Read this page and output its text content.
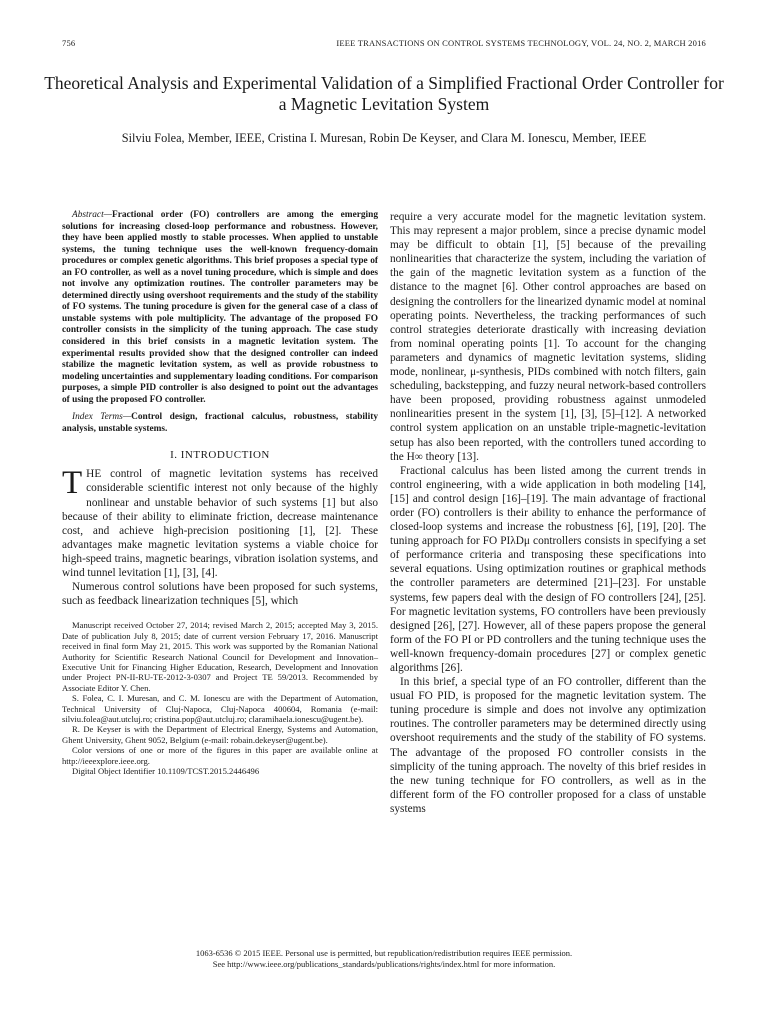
756	IEEE TRANSACTIONS ON CONTROL SYSTEMS TECHNOLOGY, VOL. 24, NO. 2, MARCH 2016
Theoretical Analysis and Experimental Validation of a Simplified Fractional Order Controller for a Magnetic Levitation System
Silviu Folea, Member, IEEE, Cristina I. Muresan, Robin De Keyser, and Clara M. Ionescu, Member, IEEE

Abstract—Fractional order (FO) controllers are among the emerging solutions for increasing closed-loop performance and robustness. However, they have been applied mostly to stable processes. When applied to unstable systems, the tuning technique uses the well-known frequency-domain procedures or complex genetic algorithms. This brief proposes a special type of an FO controller, as well as a novel tuning procedure, which is simple and does not involve any optimization routines. The controller parameters may be determined directly using overshoot requirements and the study of the stability of FO systems. The tuning procedure is given for the general case of a class of unstable systems with pole multiplicity. The advantage of the proposed FO controller consists in the simplicity of the tuning approach. The case study considered in this brief consists in a magnetic levitation system. The experimental results provided show that the designed controller can indeed stabilize the magnetic levitation system, as well as provide robustness to modeling uncertainties and supplementary loading conditions. For comparison purposes, a simple PID controller is also designed to point out the advantages of using the proposed FO controller.

Index Terms—Control design, fractional calculus, robustness, stability analysis, unstable systems.

I. INTRODUCTION

THE control of magnetic levitation systems has received considerable scientific interest not only because of the highly nonlinear and unstable behavior of such systems [1] but also because of their ability to eliminate friction, decrease maintenance cost, and achieve high-precision positioning [1], [2]. These advantages make magnetic levitation systems a viable choice for high-speed trains, magnetic bearings, vibration isolation systems, and wind tunnel levitation [1], [3], [4].

Numerous control solutions have been proposed for such systems, such as feedback linearization techniques [5], which

Manuscript received October 27, 2014; revised March 2, 2015; accepted May 3, 2015. Date of publication July 8, 2015; date of current version February 17, 2016. Manuscript received in final form May 21, 2015. This work was supported by the Romanian National Authority for Scientific Research National Council for Development and Innovation–Executive Unit for Financing Higher Education, Research, Development and Innovation under Project PN-II-RU-TE-2012-3-0307 and Project TE 59/2013. Recommended by Associate Editor Y. Chen.

S. Folea, C. I. Muresan, and C. M. Ionescu are with the Department of Automation, Technical University of Cluj-Napoca, Cluj-Napoca 400604, Romania (e-mail: silviu.folea@aut.utcluj.ro; cristina.pop@aut.utcluj.ro; claramihaela.ionescu@ugent.be).

R. De Keyser is with the Department of Electrical Energy, Systems and Automation, Ghent University, Ghent 9052, Belgium (e-mail: robain.dekeyser@ugent.be).

Color versions of one or more of the figures in this paper are available online at http://ieeexplore.ieee.org.

Digital Object Identifier 10.1109/TCST.2015.2446496

require a very accurate model for the magnetic levitation system. This may represent a major problem, since a precise dynamic model may be difficult to obtain [1], [5] because of the prevailing nonlinearities that characterize the system, including the variation of the gain of the magnetic levitation system as a function of the distance to the magnet [6]. Other control approaches are based on designing the controllers for the linearized dynamic model at nominal operating points. Nevertheless, the tracking performances of such control strategies deteriorate drastically with increasing deviation from nominal operating points [1]. To account for the changing parameters and dynamics of magnetic levitation systems, sliding mode, nonlinear, μ-synthesis, PIDs combined with notch filters, gain scheduling, backstepping, and fuzzy neural network-based controllers have been proposed, providing robustness against unmodeled nonlinearities present in the system [1], [3], [5]–[12]. A networked control system application on an unstable triple-magnetic-levitation setup has also been reported, with the controllers tuned according to the H∞ theory [13].

Fractional calculus has been listed among the current trends in control engineering, with a wide application in both modeling [14], [15] and control design [16]–[19]. The main advantage of fractional order (FO) controllers is their ability to enhance the performance of closed-loop systems and increase the robustness [6], [19], [20]. The tuning approach for FO PIλDμ controllers consists in specifying a set of performance criteria and transposing these specifications into several equations. Using optimization routines or graphical methods the controller parameters are determined [21]–[23]. For unstable systems, few papers deal with the design of FO controllers [24], [25]. For magnetic levitation systems, FO controllers have been previously designed [26], [27]. However, all of these papers propose the general form of the FO PI or PD controllers and the tuning technique uses the well-known frequency-domain procedures [27] or complex genetic algorithms [26].

In this brief, a special type of an FO controller, different than the usual FO PID, is proposed for the magnetic levitation system. The tuning procedure is simple and does not involve any optimization routines. The controller parameters may be determined directly using overshoot requirements and the study of the stability of FO systems. The advantage of the proposed FO controller consists in the simplicity of the tuning approach. The novelty of this brief resides in the new tuning technique for FO controllers, as well as in the different form of the FO controller proposed for a class of unstable systems

1063-6536 © 2015 IEEE. Personal use is permitted, but republication/redistribution requires IEEE permission.
See http://www.ieee.org/publications_standards/publications/rights/index.html for more information.
